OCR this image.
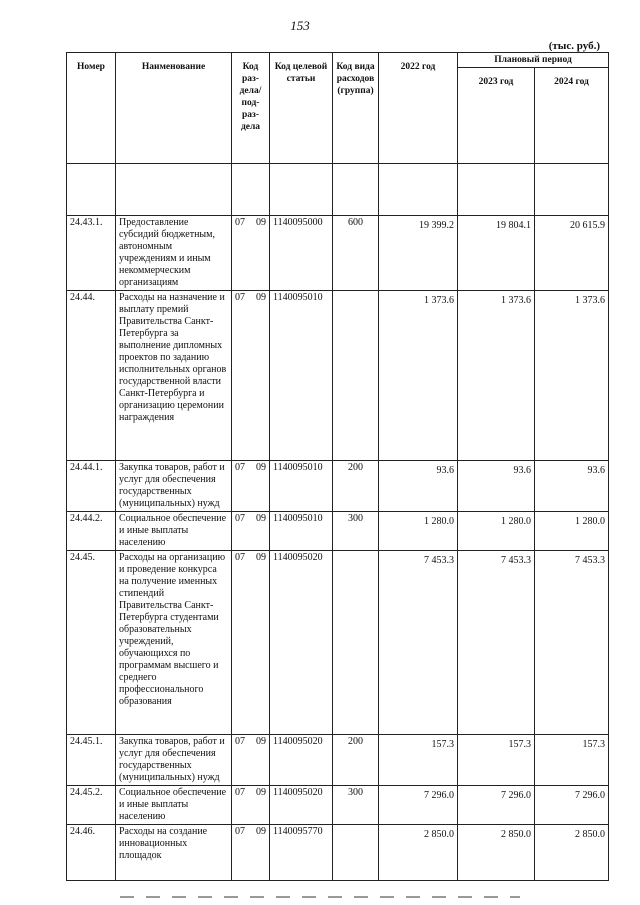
153
(тыс. руб.)
Номер	Наименование	Код раз-дела/ под-раз-дела	Код целевой статьи	Код вида расходов (группа)	2022 год	Плановый период	
						2023 год	2024 год

24.43.1.	Предоставление субсидий бюджетным, автономным учреждениям и иным некоммерческим организациям	07 09	1140095000	600	19 399.2	19 804.1	20 615.9
24.44.	Расходы на назначение и выплату премий Правительства Санкт-Петербурга за выполнение дипломных проектов по заданию исполнительных органов государственной власти Санкт-Петербурга и организацию церемонии награждения	07 09	1140095010		1 373.6	1 373.6	1 373.6
24.44.1.	Закупка товаров, работ и услуг для обеспечения государственных (муниципальных) нужд	07 09	1140095010	200	93.6	93.6	93.6
24.44.2.	Социальное обеспечение и иные выплаты населению	07 09	1140095010	300	1 280.0	1 280.0	1 280.0
24.45.	Расходы на организацию и проведение конкурса на получение именных стипендий Правительства Санкт-Петербурга студентами образовательных учреждений, обучающихся по программам высшего и среднего профессионального образования	07 09	1140095020		7 453.3	7 453.3	7 453.3
24.45.1.	Закупка товаров, работ и услуг для обеспечения государственных (муниципальных) нужд	07 09	1140095020	200	157.3	157.3	157.3
24.45.2.	Социальное обеспечение и иные выплаты населению	07 09	1140095020	300	7 296.0	7 296.0	7 296.0
24.46.	Расходы на создание инновационных площадок	07 09	1140095770		2 850.0	2 850.0	2 850.0
